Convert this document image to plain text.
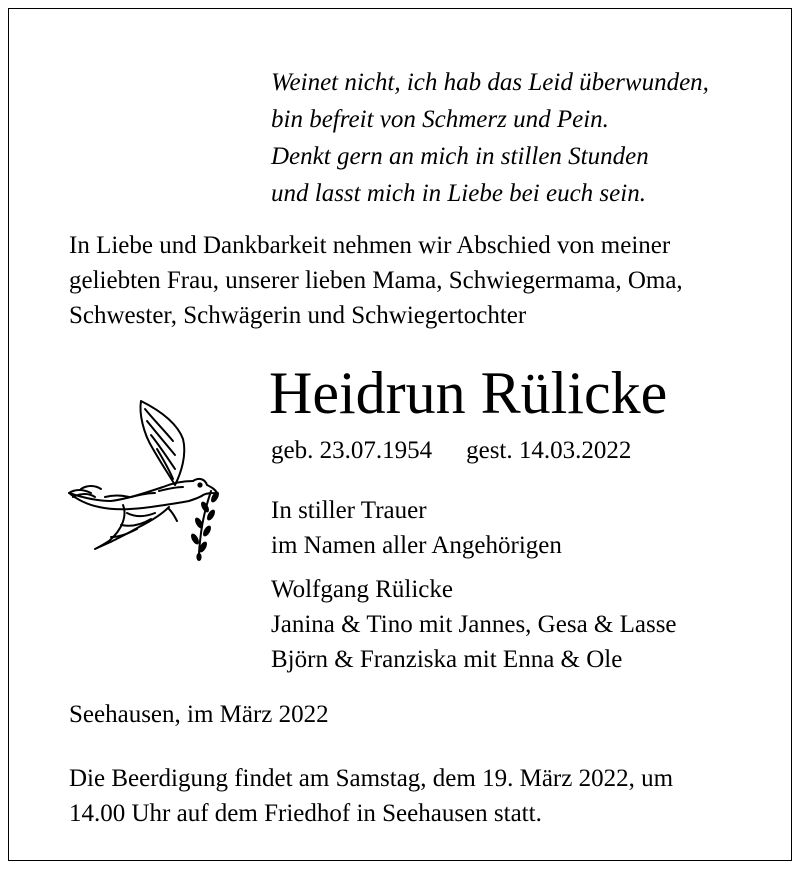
Weinet nicht, ich hab das Leid überwunden,
bin befreit von Schmerz und Pein.
Denkt gern an mich in stillen Stunden
und lasst mich in Liebe bei euch sein.
In Liebe und Dankbarkeit nehmen wir Abschied von meiner
geliebten Frau, unserer lieben Mama, Schwiegermama, Oma,
Schwester, Schwägerin und Schwiegertochter
Heidrun Rülicke
geb. 23.07.1954 gest. 14.03.2022
In stiller Trauer
im Namen aller Angehörigen
Wolfgang Rülicke
Janina & Tino mit Jannes, Gesa & Lasse
Björn & Franziska mit Enna & Ole
Seehausen, im März 2022
Die Beerdigung findet am Samstag, dem 19. März 2022, um
14.00 Uhr auf dem Friedhof in Seehausen statt.
